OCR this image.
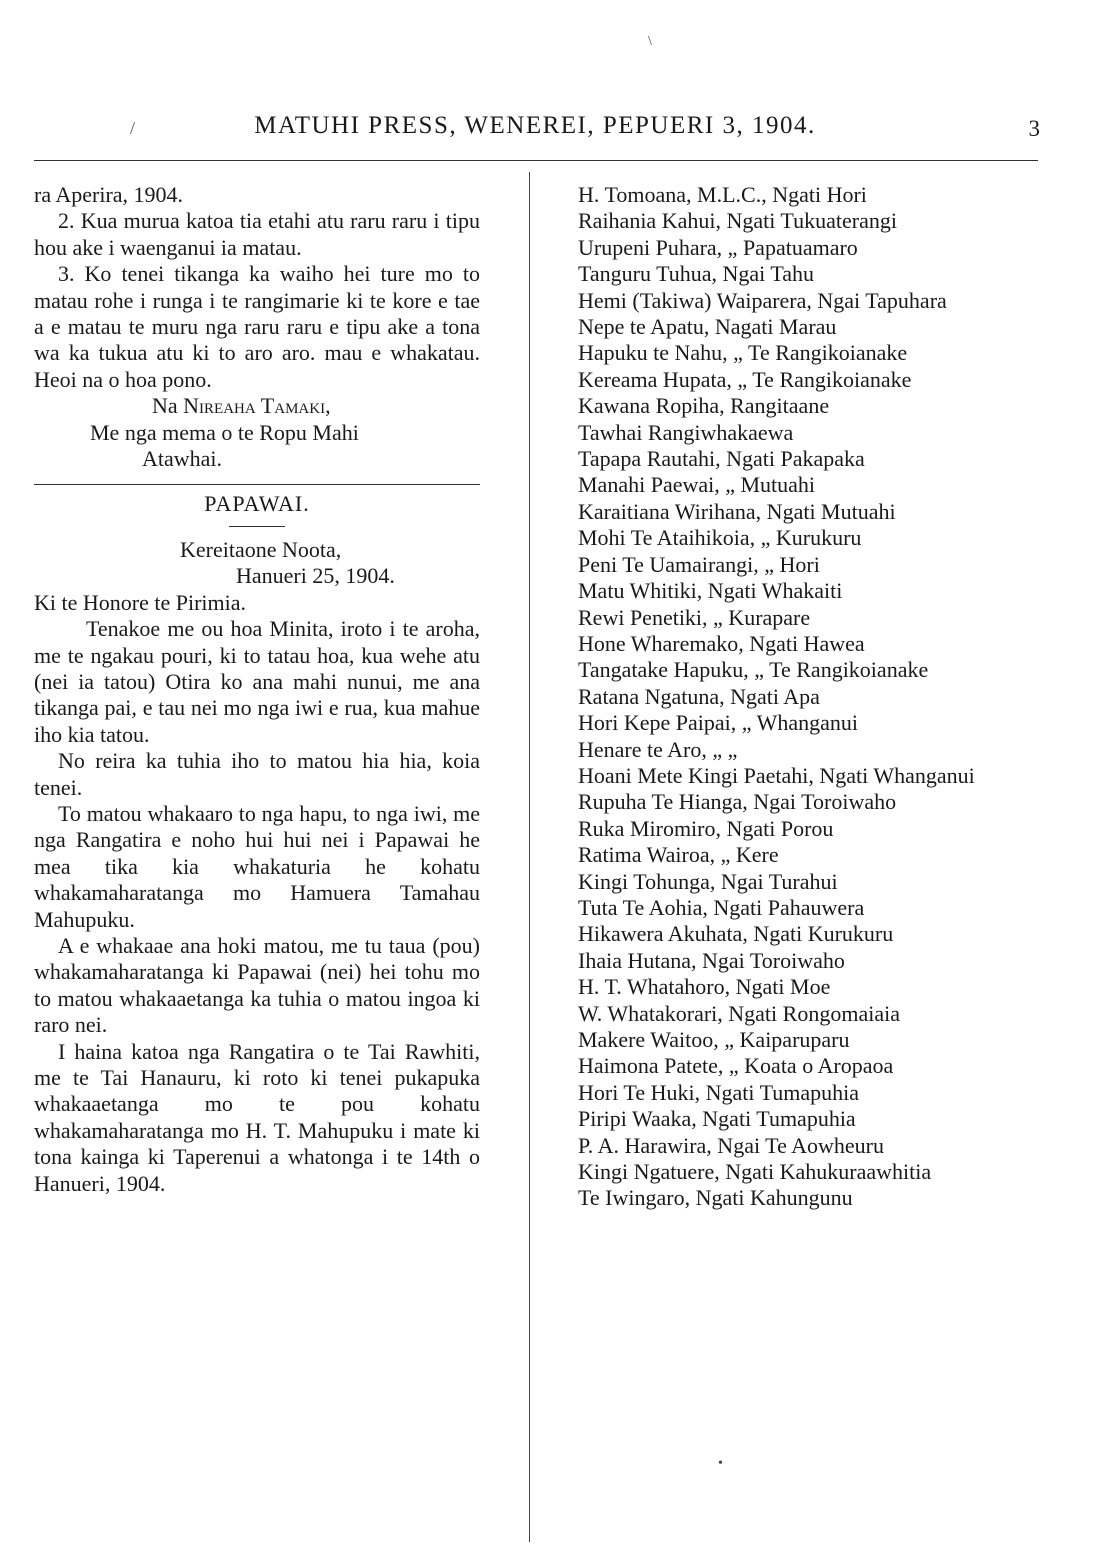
/	MATUHI PRESS, WENEREI, PEPUERI 3, 1904.	3

ra Aperira, 1904.

2. Kua murua katoa tia etahi atu raru raru i tipu hou ake i waenganui ia matau.

3. Ko tenei tikanga ka waiho hei ture mo to matau rohe i runga i te rangimarie ki te kore e tae a e matau te muru nga raru raru e tipu ake a tona wa ka tukua atu ki to aro aro. mau e whakatau. Heoi na o hoa pono.

Na Nireaha Tamaki,

Me nga mema o te Ropu Mahi

Atawhai.

PAPAWAI.

Kereitaone Noota,

Hanueri 25, 1904.

Ki te Honore te Pirimia.

Tenakoe me ou hoa Minita, iroto i te aroha, me te ngakau pouri, ki to tatau hoa, kua wehe atu (nei ia tatou) Otira ko ana mahi nunui, me ana tikanga pai, e tau nei mo nga iwi e rua, kua mahue iho kia tatou.

No reira ka tuhia iho to matou hia hia, koia tenei.

To matou whakaaro to nga hapu, to nga iwi, me nga Rangatira e noho hui hui nei i Papawai he mea tika kia whakaturia he kohatu whakamaharatanga mo Hamuera Tamahau Mahupuku.

A e whakaae ana hoki matou, me tu taua (pou) whakamaharatanga ki Papawai (nei) hei tohu mo to matou whakaaetanga ka tuhia o matou ingoa ki raro nei.

I haina katoa nga Rangatira o te Tai Rawhiti, me te Tai Hanauru, ki roto ki tenei pukapuka whakaaetanga mo te pou kohatu whakamaharatanga mo H. T. Mahupuku i mate ki tona kainga ki Taperenui a whatonga i te 14th o Hanueri, 1904.

H. Tomoana, M.L.C., Ngati Hori

Raihania Kahui, Ngati Tukuaterangi

Urupeni Puhara, „ Papatuamaro

Tanguru Tuhua, Ngai Tahu

Hemi (Takiwa) Waiparera, Ngai Tapuhara

Nepe te Apatu, Nagati Marau

Hapuku te Nahu, „ Te Rangikoianake

Kereama Hupata, „ Te Rangikoianake

Kawana Ropiha, Rangitaane

Tawhai Rangiwhakaewa

Tapapa Rautahi, Ngati Pakapaka

Manahi Paewai, „ Mutuahi

Karaitiana Wirihana, Ngati Mutuahi

Mohi Te Ataihikoia, „ Kurukuru

Peni Te Uamairangi, „ Hori

Matu Whitiki, Ngati Whakaiti

Rewi Penetiki, „ Kurapare

Hone Wharemako, Ngati Hawea

Tangatake Hapuku, „ Te Rangikoianake

Ratana Ngatuna, Ngati Apa

Hori Kepe Paipai, „ Whanganui

Henare te Aro, „ „

Hoani Mete Kingi Paetahi, Ngati Whanganui

Rupuha Te Hianga, Ngai Toroiwaho

Ruka Miromiro, Ngati Porou

Ratima Wairoa, „ Kere

Kingi Tohunga, Ngai Turahui

Tuta Te Aohia, Ngati Pahauwera

Hikawera Akuhata, Ngati Kurukuru

Ihaia Hutana, Ngai Toroiwaho

H. T. Whatahoro, Ngati Moe

W. Whatakorari, Ngati Rongomaiaia

Makere Waitoo, „ Kaiparuparu

Haimona Patete, „ Koata o Aropaoa

Hori Te Huki, Ngati Tumapuhia

Piripi Waaka, Ngati Tumapuhia

P. A. Harawira, Ngai Te Aowheuru

Kingi Ngatuere, Ngati Kahukuraawhitia

Te Iwingaro, Ngati Kahungunu

\
•
